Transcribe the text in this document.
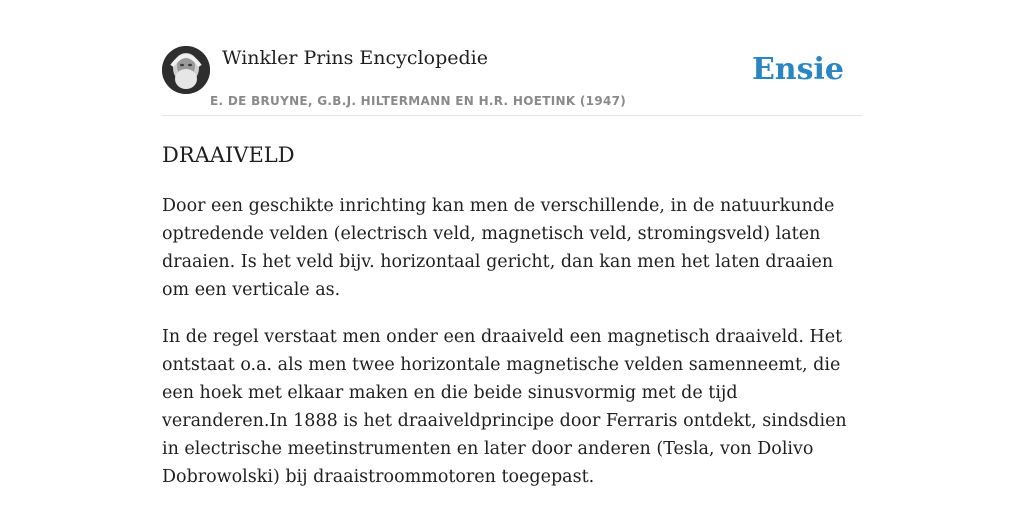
Winkler Prins Encyclopedie
E. DE BRUYNE, G.B.J. HILTERMANN EN H.R. HOETINK (1947)
Ensie
DRAAIVELD

Door een geschikte inrichting kan men de verschillende, in de natuurkunde optredende velden (electrisch veld, magnetisch veld, stromingsveld) laten draaien. Is het veld bijv. horizontaal gericht, dan kan men het laten draaien om een verticale as.

In de regel verstaat men onder een draaiveld een magnetisch draaiveld. Het ontstaat o.a. als men twee horizontale magnetische velden samenneemt, die een hoek met elkaar maken en die beide sinusvormig met de tijd veranderen.In 1888 is het draaiveldprincipe door Ferraris ontdekt, sindsdien in electrische meetinstrumenten en later door anderen (Tesla, von Dolivo Dobrowolski) bij draaistroommotoren toegepast.
